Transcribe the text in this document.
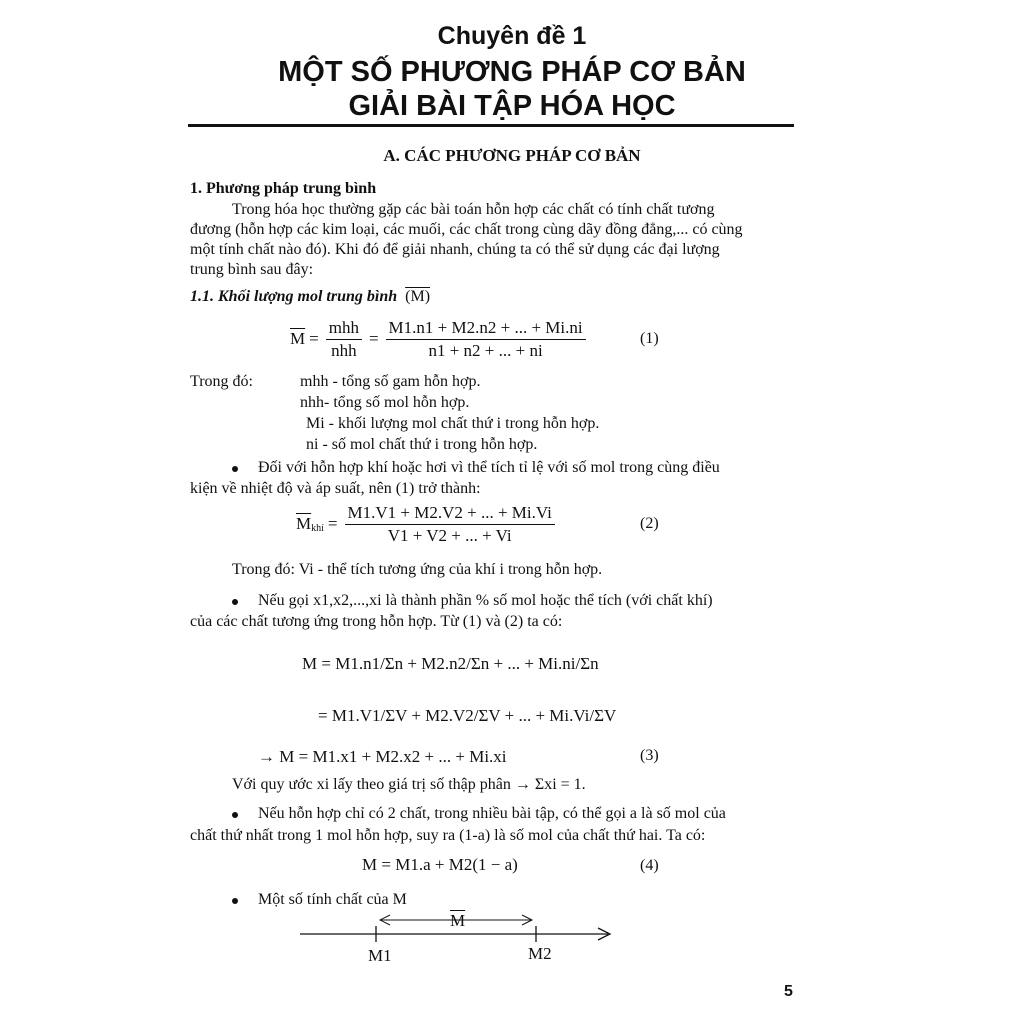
Chuyên đề 1
MỘT SỐ PHƯƠNG PHÁP CƠ BẢN
GIẢI BÀI TẬP HÓA HỌC
A. CÁC PHƯƠNG PHÁP CƠ BẢN
1. Phương pháp trung bình
Trong hóa học thường gặp các bài toán hỗn hợp các chất có tính chất tương
đương (hỗn hợp các kim loại, các muối, các chất trong cùng dãy đồng đẳng,... có cùng
một tính chất nào đó). Khi đó để giải nhanh, chúng ta có thể sử dụng các đại lượng
trung bình sau đây:
1.1. Khối lượng mol trung bình (M)
$\overline{M} = \frac{\text{mhh}}{\text{nhh}} = \frac{M1.n1 + M2.n2 + ... + Mi.ni}{n1 + n2 + ... + ni}$	(1)
Trong đó:	mhh - tổng số gam hỗn hợp.
nhh- tổng số mol hỗn hợp.
Mi - khối lượng mol chất thứ i trong hỗn hợp.
ni - số mol chất thứ i trong hỗn hợp.
Đối với hỗn hợp khí hoặc hơi vì thể tích tỉ lệ với số mol trong cùng điều
kiện về nhiệt độ và áp suất, nên (1) trở thành:
$\overline{M}$ khí = $\frac{M1.V1 + M2.V2 + ... + Mi.Vi}{V1 + V2 + ... + Vi}$	(2)
Trong đó: Vi - thể tích tương ứng của khí i trong hỗn hợp.
Nếu gọi x1,x2,...,xi là thành phần % số mol hoặc thể tích (với chất khí)
của các chất tương ứng trong hỗn hợp. Từ (1) và (2) ta có:
M = M1.n1/Σn + M2.n2/Σn + ... + Mi.ni/Σn
= M1.V1/ΣV + M2.V2/ΣV + ... + Mi.Vi/ΣV
→ M = M1.x1 + M2.x2 + ... + Mi.xi	(3)
Với quy ước xi lấy theo giá trị số thập phân → Σxi = 1.
Nếu hỗn hợp chỉ có 2 chất, trong nhiều bài tập, có thể gọi a là số mol của
chất thứ nhất trong 1 mol hỗn hợp, suy ra (1-a) là số mol của chất thứ hai. Ta có:
M = M1.a + M2(1 − a)	(4)
Một số tính chất của M
$\overline{M}$
M1	M2
5
